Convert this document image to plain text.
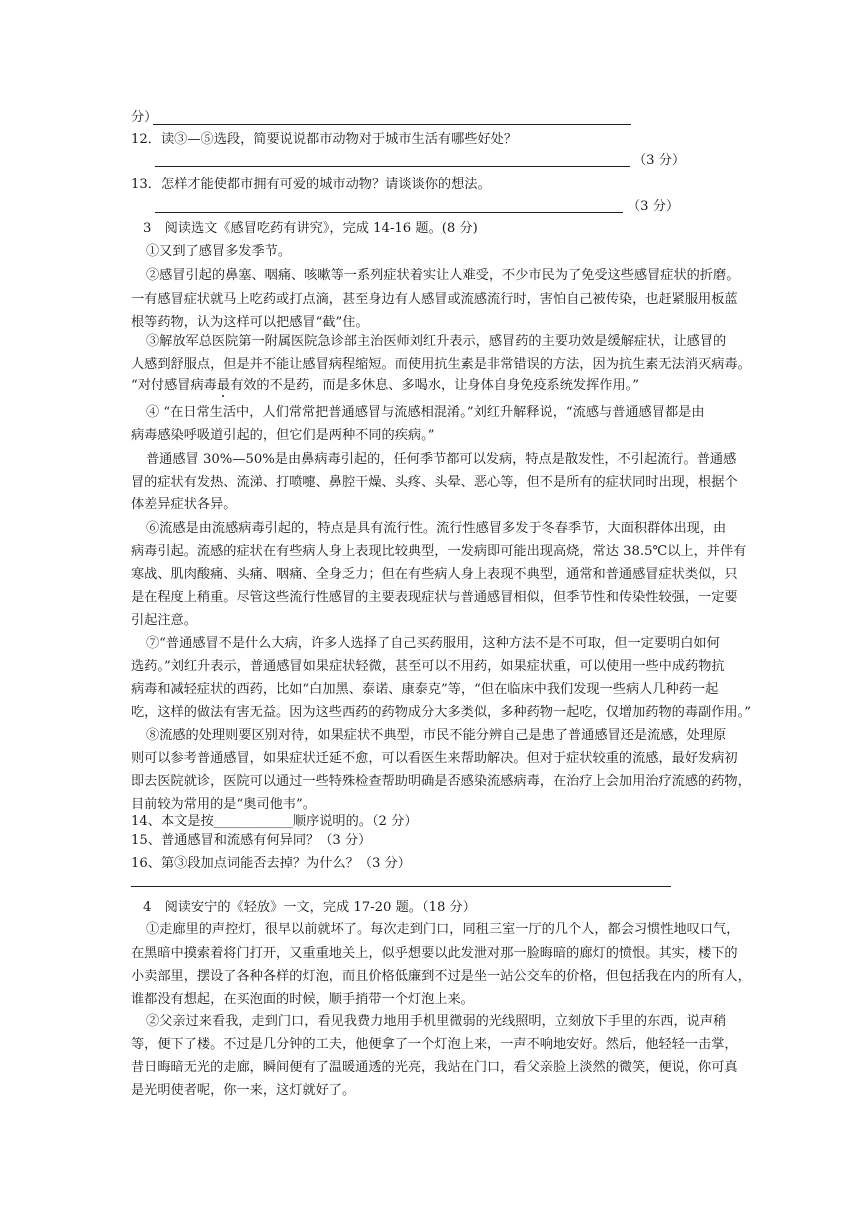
分）
12．读③—⑤选段，简要说说都市动物对于城市生活有哪些好处？
（3 分）
13．怎样才能使都市拥有可爱的城市动物？请谈谈你的想法。
（3 分）
3　阅读选文《感冒吃药有讲究》，完成 14-16 题。(8 分)
①又到了感冒多发季节。
②感冒引起的鼻塞、咽痛、咳嗽等一系列症状着实让人难受，不少市民为了免受这些感冒症状的折磨。
一有感冒症状就马上吃药或打点滴，甚至身边有人感冒或流感流行时，害怕自己被传染，也赶紧服用板蓝
根等药物，认为这样可以把感冒“截”住。
③解放军总医院第一附属医院急诊部主治医师刘红升表示，感冒药的主要功效是缓解症状，让感冒的
人感到舒服点，但是并不能让感冒病程缩短。而使用抗生素是非常错误的方法，因为抗生素无法消灭病毒。
“对付感冒病毒最有效的不是药，而是多休息、多喝水，让身体自身免疫系统发挥作用。”
④ “在日常生活中，人们常常把普通感冒与流感相混淆。”刘红升解释说，“流感与普通感冒都是由
病毒感染呼吸道引起的，但它们是两种不同的疾病。”
普通感冒 30%—50%是由鼻病毒引起的，任何季节都可以发病，特点是散发性，不引起流行。普通感
冒的症状有发热、流涕、打喷嚏、鼻腔干燥、头疼、头晕、恶心等，但不是所有的症状同时出现，根据个
体差异症状各异。
⑥流感是由流感病毒引起的，特点是具有流行性。流行性感冒多发于冬春季节，大面积群体出现，由
病毒引起。流感的症状在有些病人身上表现比较典型，一发病即可能出现高烧，常达 38.5℃以上，并伴有
寒战、肌肉酸痛、头痛、咽痛、全身乏力；但在有些病人身上表现不典型，通常和普通感冒症状类似，只
是在程度上稍重。尽管这些流行性感冒的主要表现症状与普通感冒相似，但季节性和传染性较强，一定要
引起注意。
⑦“普通感冒不是什么大病，许多人选择了自己买药服用，这种方法不是不可取，但一定要明白如何
选药。”刘红升表示，普通感冒如果症状轻微，甚至可以不用药，如果症状重，可以使用一些中成药物抗
病毒和减轻症状的西药，比如“白加黑、泰诺、康泰克”等，“但在临床中我们发现一些病人几种药一起
吃，这样的做法有害无益。因为这些西药的药物成分大多类似，多种药物一起吃，仅增加药物的毒副作用。”
⑧流感的处理则要区别对待，如果症状不典型，市民不能分辨自己是患了普通感冒还是流感，处理原
则可以参考普通感冒，如果症状迁延不愈，可以看医生来帮助解决。但对于症状较重的流感，最好发病初
即去医院就诊，医院可以通过一些特殊检查帮助明确是否感染流感病毒，在治疗上会加用治疗流感的药物，
目前较为常用的是“奥司他韦”。
14、本文是按____________顺序说明的。（2 分）
15、普通感冒和流感有何异同？（3 分）
16、第③段加点词能否去掉？为什么？（3 分）
4　阅读安宁的《轻放》一文，完成 17-20 题。（18 分）
①走廊里的声控灯，很早以前就坏了。每次走到门口，同租三室一厅的几个人，都会习惯性地叹口气，
在黑暗中摸索着将门打开，又重重地关上，似乎想要以此发泄对那一脸晦暗的廊灯的愤恨。其实，楼下的
小卖部里，摆设了各种各样的灯泡，而且价格低廉到不过是坐一站公交车的价格，但包括我在内的所有人，
谁都没有想起，在买泡面的时候，顺手捎带一个灯泡上来。
②父亲过来看我，走到门口，看见我费力地用手机里微弱的光线照明，立刻放下手里的东西，说声稍
等，便下了楼。不过是几分钟的工夫，他便拿了一个灯泡上来，一声不响地安好。然后，他轻轻一击掌，
昔日晦暗无光的走廊，瞬间便有了温暖通透的光亮，我站在门口，看父亲脸上淡然的微笑，便说，你可真
是光明使者呢，你一来，这灯就好了。
